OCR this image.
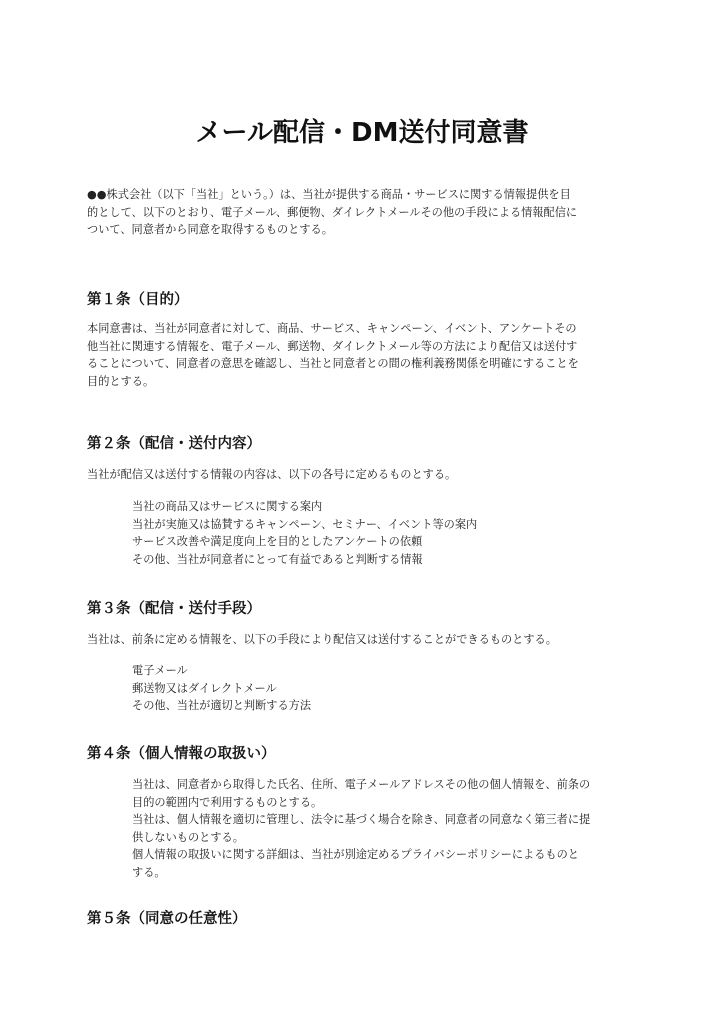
メール配信・DM送付同意書

●●株式会社（以下「当社」という。）は、当社が提供する商品・サービスに関する情報提供を目
的として、以下のとおり、電子メール、郵便物、ダイレクトメールその他の手段による情報配信に
ついて、同意者から同意を取得するものとする。

第１条（目的）

本同意書は、当社が同意者に対して、商品、サービス、キャンペーン、イベント、アンケートその
他当社に関連する情報を、電子メール、郵送物、ダイレクトメール等の方法により配信又は送付す
ることについて、同意者の意思を確認し、当社と同意者との間の権利義務関係を明確にすることを
目的とする。

第２条（配信・送付内容）

当社が配信又は送付する情報の内容は、以下の各号に定めるものとする。

当社の商品又はサービスに関する案内
当社が実施又は協賛するキャンペーン、セミナー、イベント等の案内
サービス改善や満足度向上を目的としたアンケートの依頼
その他、当社が同意者にとって有益であると判断する情報
第３条（配信・送付手段）

当社は、前条に定める情報を、以下の手段により配信又は送付することができるものとする。

電子メール
郵送物又はダイレクトメール
その他、当社が適切と判断する方法
第４条（個人情報の取扱い）
当社は、同意者から取得した氏名、住所、電子メールアドレスその他の個人情報を、前条の
目的の範囲内で利用するものとする。
当社は、個人情報を適切に管理し、法令に基づく場合を除き、同意者の同意なく第三者に提
供しないものとする。
個人情報の取扱いに関する詳細は、当社が別途定めるプライバシーポリシーによるものと
する。
第５条（同意の任意性）
